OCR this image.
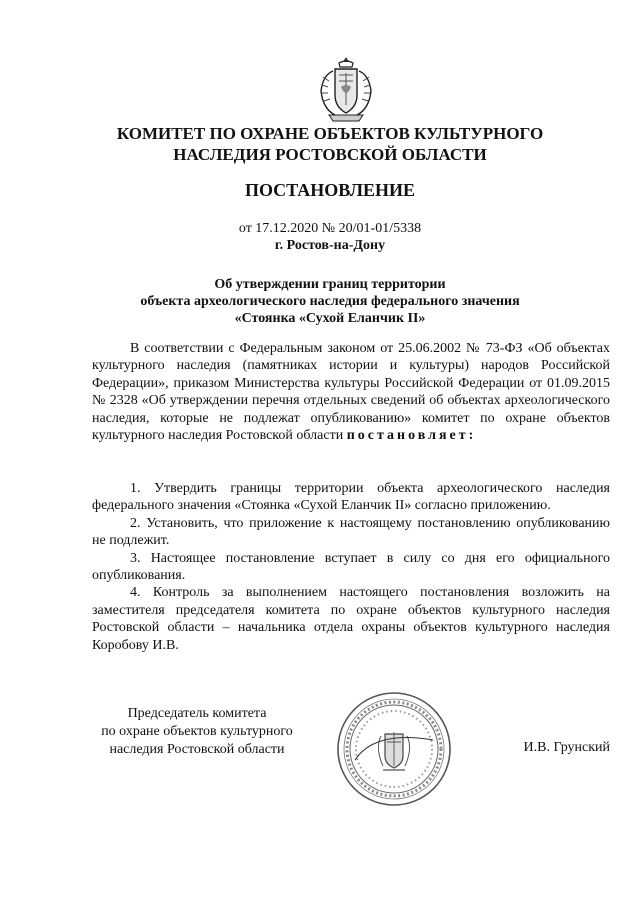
КОМИТЕТ ПО ОХРАНЕ ОБЪЕКТОВ КУЛЬТУРНОГО
НАСЛЕДИЯ РОСТОВСКОЙ ОБЛАСТИ
ПОСТАНОВЛЕНИЕ
от 17.12.2020 № 20/01-01/5338
г. Ростов-на-Дону
Об утверждении границ территории
объекта археологического наследия федерального значения
«Стоянка «Сухой Еланчик II»
В соответствии с Федеральным законом от 25.06.2002 № 73-ФЗ «Об объектах культурного наследия (памятниках истории и культуры) народов Российской Федерации», приказом Министерства культуры Российской Федерации от 01.09.2015 № 2328 «Об утверждении перечня отдельных сведений об объектах археологического наследия, которые не подлежат опубликованию» комитет по охране объектов культурного наследия Ростовской области постановляет:

1. Утвердить границы территории объекта археологического наследия федерального значения «Стоянка «Сухой Еланчик II» согласно приложению.

2. Установить, что приложение к настоящему постановлению опубликованию не подлежит.

3. Настоящее постановление вступает в силу со дня его официального опубликования.

4. Контроль за выполнением настоящего постановления возложить на заместителя председателя комитета по охране объектов культурного наследия Ростовской области – начальника отдела охраны объектов культурного наследия Коробову И.В.

Председатель комитета
по охране объектов культурного
наследия Ростовской области	И.В. Грунский
